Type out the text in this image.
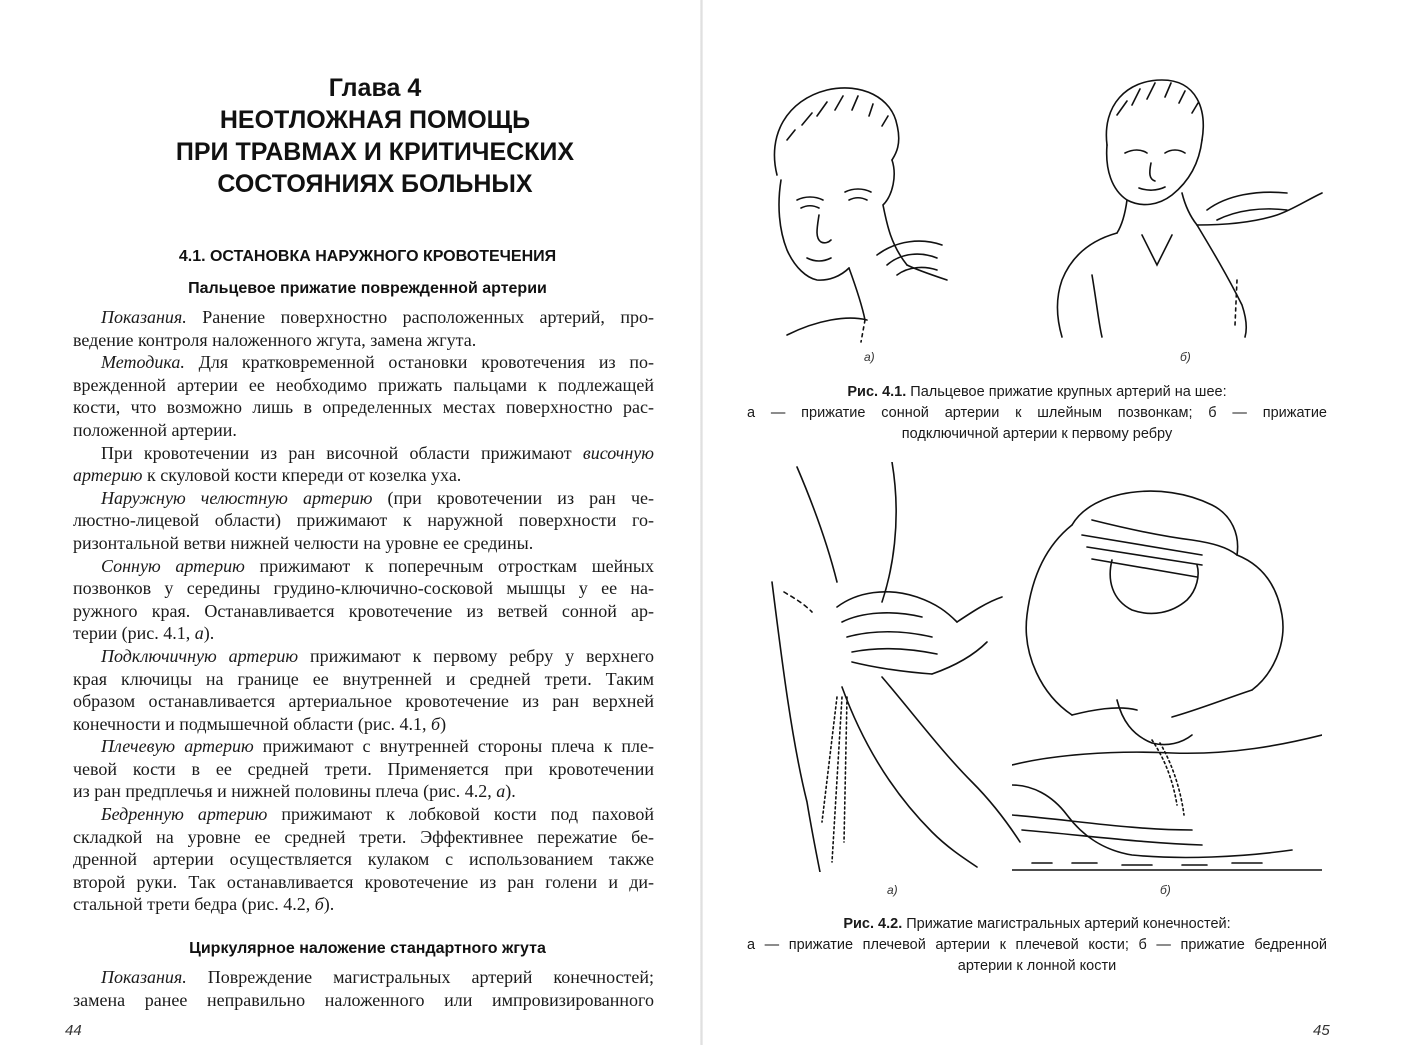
Глава 4
НЕОТЛОЖНАЯ ПОМОЩЬ
ПРИ ТРАВМАХ И КРИТИЧЕСКИХ
СОСТОЯНИЯХ БОЛЬНЫХ
4.1. ОСТАНОВКА НАРУЖНОГО КРОВОТЕЧЕНИЯ
Пальцевое прижатие поврежденной артерии

Показания. Ранение поверхностно расположенных артерий, про-
ведение контроля наложенного жгута, замена жгута.

Методика. Для кратковременной остановки кровотечения из по-
врежденной артерии ее необходимо прижать пальцами к подлежащей
кости, что возможно лишь в определенных местах поверхностно рас-
положенной артерии.

При кровотечении из ран височной области прижимают височную
артерию к скуловой кости кпереди от козелка уха.

Наружную челюстную артерию (при кровотечении из ран че-
люстно-лицевой области) прижимают к наружной поверхности го-
ризонтальной ветви нижней челюсти на уровне ее средины.

Сонную артерию прижимают к поперечным отросткам шейных
позвонков у середины грудино-ключично-сосковой мышцы у ее на-
ружного края. Останавливается кровотечение из ветвей сонной ар-
терии (рис. 4.1, а).

Подключичную артерию прижимают к первому ребру у верхнего
края ключицы на границе ее внутренней и средней трети. Таким
образом останавливается артериальное кровотечение из ран верхней
конечности и подмышечной области (рис. 4.1, б)

Плечевую артерию прижимают с внутренней стороны плеча к пле-
чевой кости в ее средней трети. Применяется при кровотечении
из ран предплечья и нижней половины плеча (рис. 4.2, а).

Бедренную артерию прижимают к лобковой кости под паховой
складкой на уровне ее средней трети. Эффективнее пережатие бе-
дренной артерии осуществляется кулаком с использованием также
второй руки. Так останавливается кровотечение из ран голени и ди-
стальной трети бедра (рис. 4.2, б).

Циркулярное наложение стандартного жгута

Показания. Повреждение магистральных артерий конечностей;
замена ранее неправильно наложенного или импровизированного

44
а)	б)
Рис. 4.1. Пальцевое прижатие крупных артерий на шее:
а — прижатие сонной артерии к шлейным позвонкам; б — прижатие
подключичной артерии к первому ребру
а)	б)
Рис. 4.2. Прижатие магистральных артерий конечностей:
а — прижатие плечевой артерии к плечевой кости; б — прижатие бедренной
артерии к лонной кости
45
